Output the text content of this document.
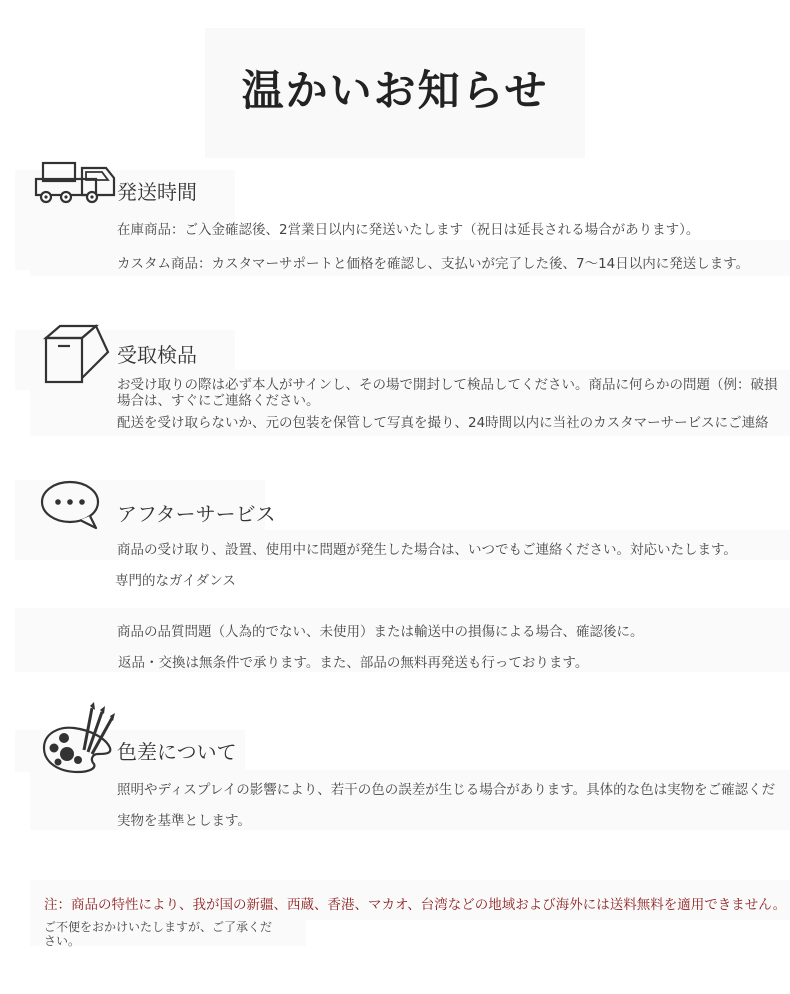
温かいお知らせ
発送時間
在庫商品：ご入金確認後、2営業日以内に発送いたします（祝日は延長される場合があります）。
カスタム商品：カスタマーサポートと価格を確認し、支払いが完了した後、7〜14日以内に発送します。
受取検品
お受け取りの際は必ず本人がサインし、その場で開封して検品してください。商品に何らかの問題（例：破損
場合は、すぐにご連絡ください。
配送を受け取らないか、元の包装を保管して写真を撮り、24時間以内に当社のカスタマーサービスにご連絡
アフターサービス
商品の受け取り、設置、使用中に問題が発生した場合は、いつでもご連絡ください。対応いたします。
専門的なガイダンス
商品の品質問題（人為的でない、未使用）または輸送中の損傷による場合、確認後に。
返品・交換は無条件で承ります。また、部品の無料再発送も行っております。
色差について
照明やディスプレイの影響により、若干の色の誤差が生じる場合があります。具体的な色は実物をご確認くだ
実物を基準とします。
注：商品の特性により、我が国の新疆、西蔵、香港、マカオ、台湾などの地域および海外には送料無料を適用できません。
ご不便をおかけいたしますが、ご了承ください。
